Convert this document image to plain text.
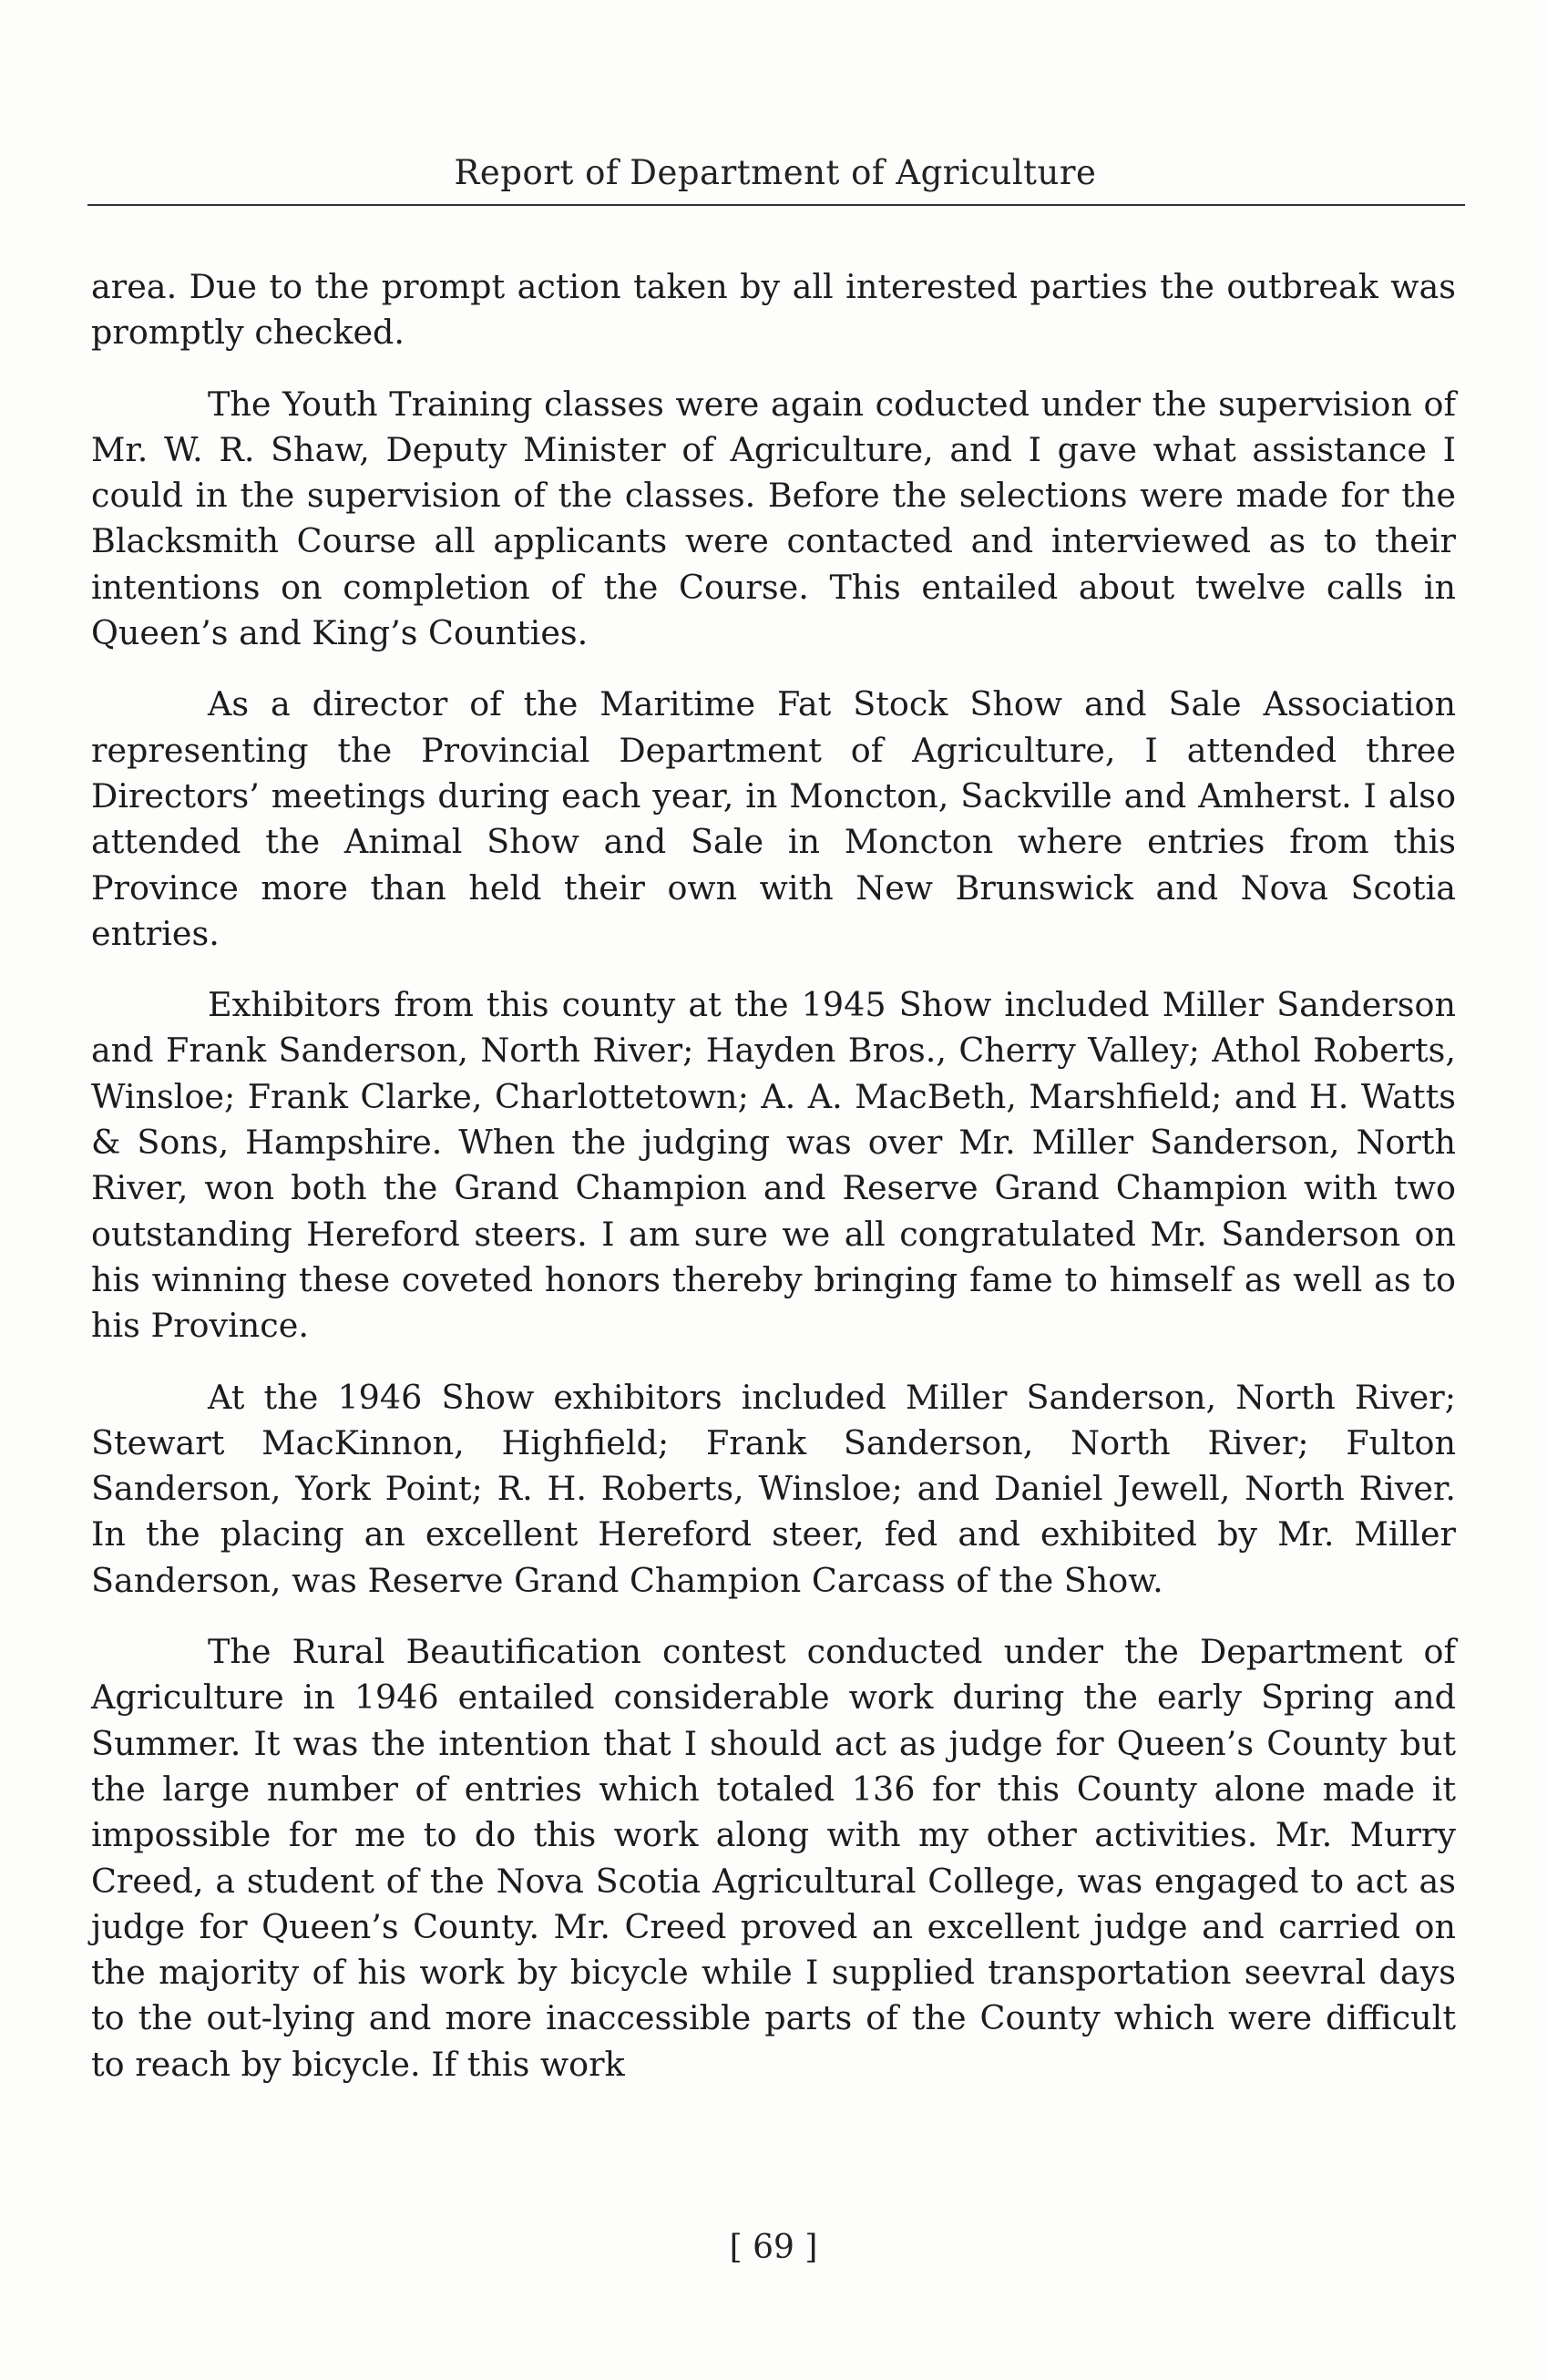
Report of Department of Agriculture

area. Due to the prompt action taken by all interested parties the outbreak was promptly checked.

The Youth Training classes were again coducted under the supervision of Mr. W. R. Shaw, Deputy Minister of Agriculture, and I gave what assistance I could in the supervision of the classes. Before the selections were made for the Blacksmith Course all applicants were contacted and interviewed as to their intentions on completion of the Course. This entailed about twelve calls in Queen’s and King’s Counties.

As a director of the Maritime Fat Stock Show and Sale Association representing the Provincial Department of Agriculture, I attended three Directors’ meetings during each year, in Moncton, Sackville and Amherst. I also attended the Animal Show and Sale in Moncton where entries from this Province more than held their own with New Brunswick and Nova Scotia entries.

Exhibitors from this county at the 1945 Show included Miller Sanderson and Frank Sanderson, North River; Hayden Bros., Cherry Valley; Athol Roberts, Winsloe; Frank Clarke, Charlottetown; A. A. MacBeth, Marshfield; and H. Watts & Sons, Hampshire. When the judging was over Mr. Miller Sanderson, North River, won both the Grand Champion and Reserve Grand Champion with two outstanding Hereford steers. I am sure we all congratulated Mr. Sanderson on his winning these coveted honors thereby bringing fame to himself as well as to his Province.

At the 1946 Show exhibitors included Miller Sanderson, North River; Stewart MacKinnon, Highfield; Frank Sanderson, North River; Fulton Sanderson, York Point; R. H. Roberts, Winsloe; and Daniel Jewell, North River. In the placing an excellent Hereford steer, fed and exhibited by Mr. Miller Sanderson, was Reserve Grand Champion Carcass of the Show.

The Rural Beautification contest conducted under the Department of Agriculture in 1946 entailed considerable work during the early Spring and Summer. It was the intention that I should act as judge for Queen’s County but the large number of entries which totaled 136 for this County alone made it impossible for me to do this work along with my other activities. Mr. Murry Creed, a student of the Nova Scotia Agricultural College, was engaged to act as judge for Queen’s County. Mr. Creed proved an excellent judge and carried on the majority of his work by bicycle while I supplied transportation seevral days to the out-lying and more inaccessible parts of the County which were difficult to reach by bicycle. If this work

[ 69 ]
